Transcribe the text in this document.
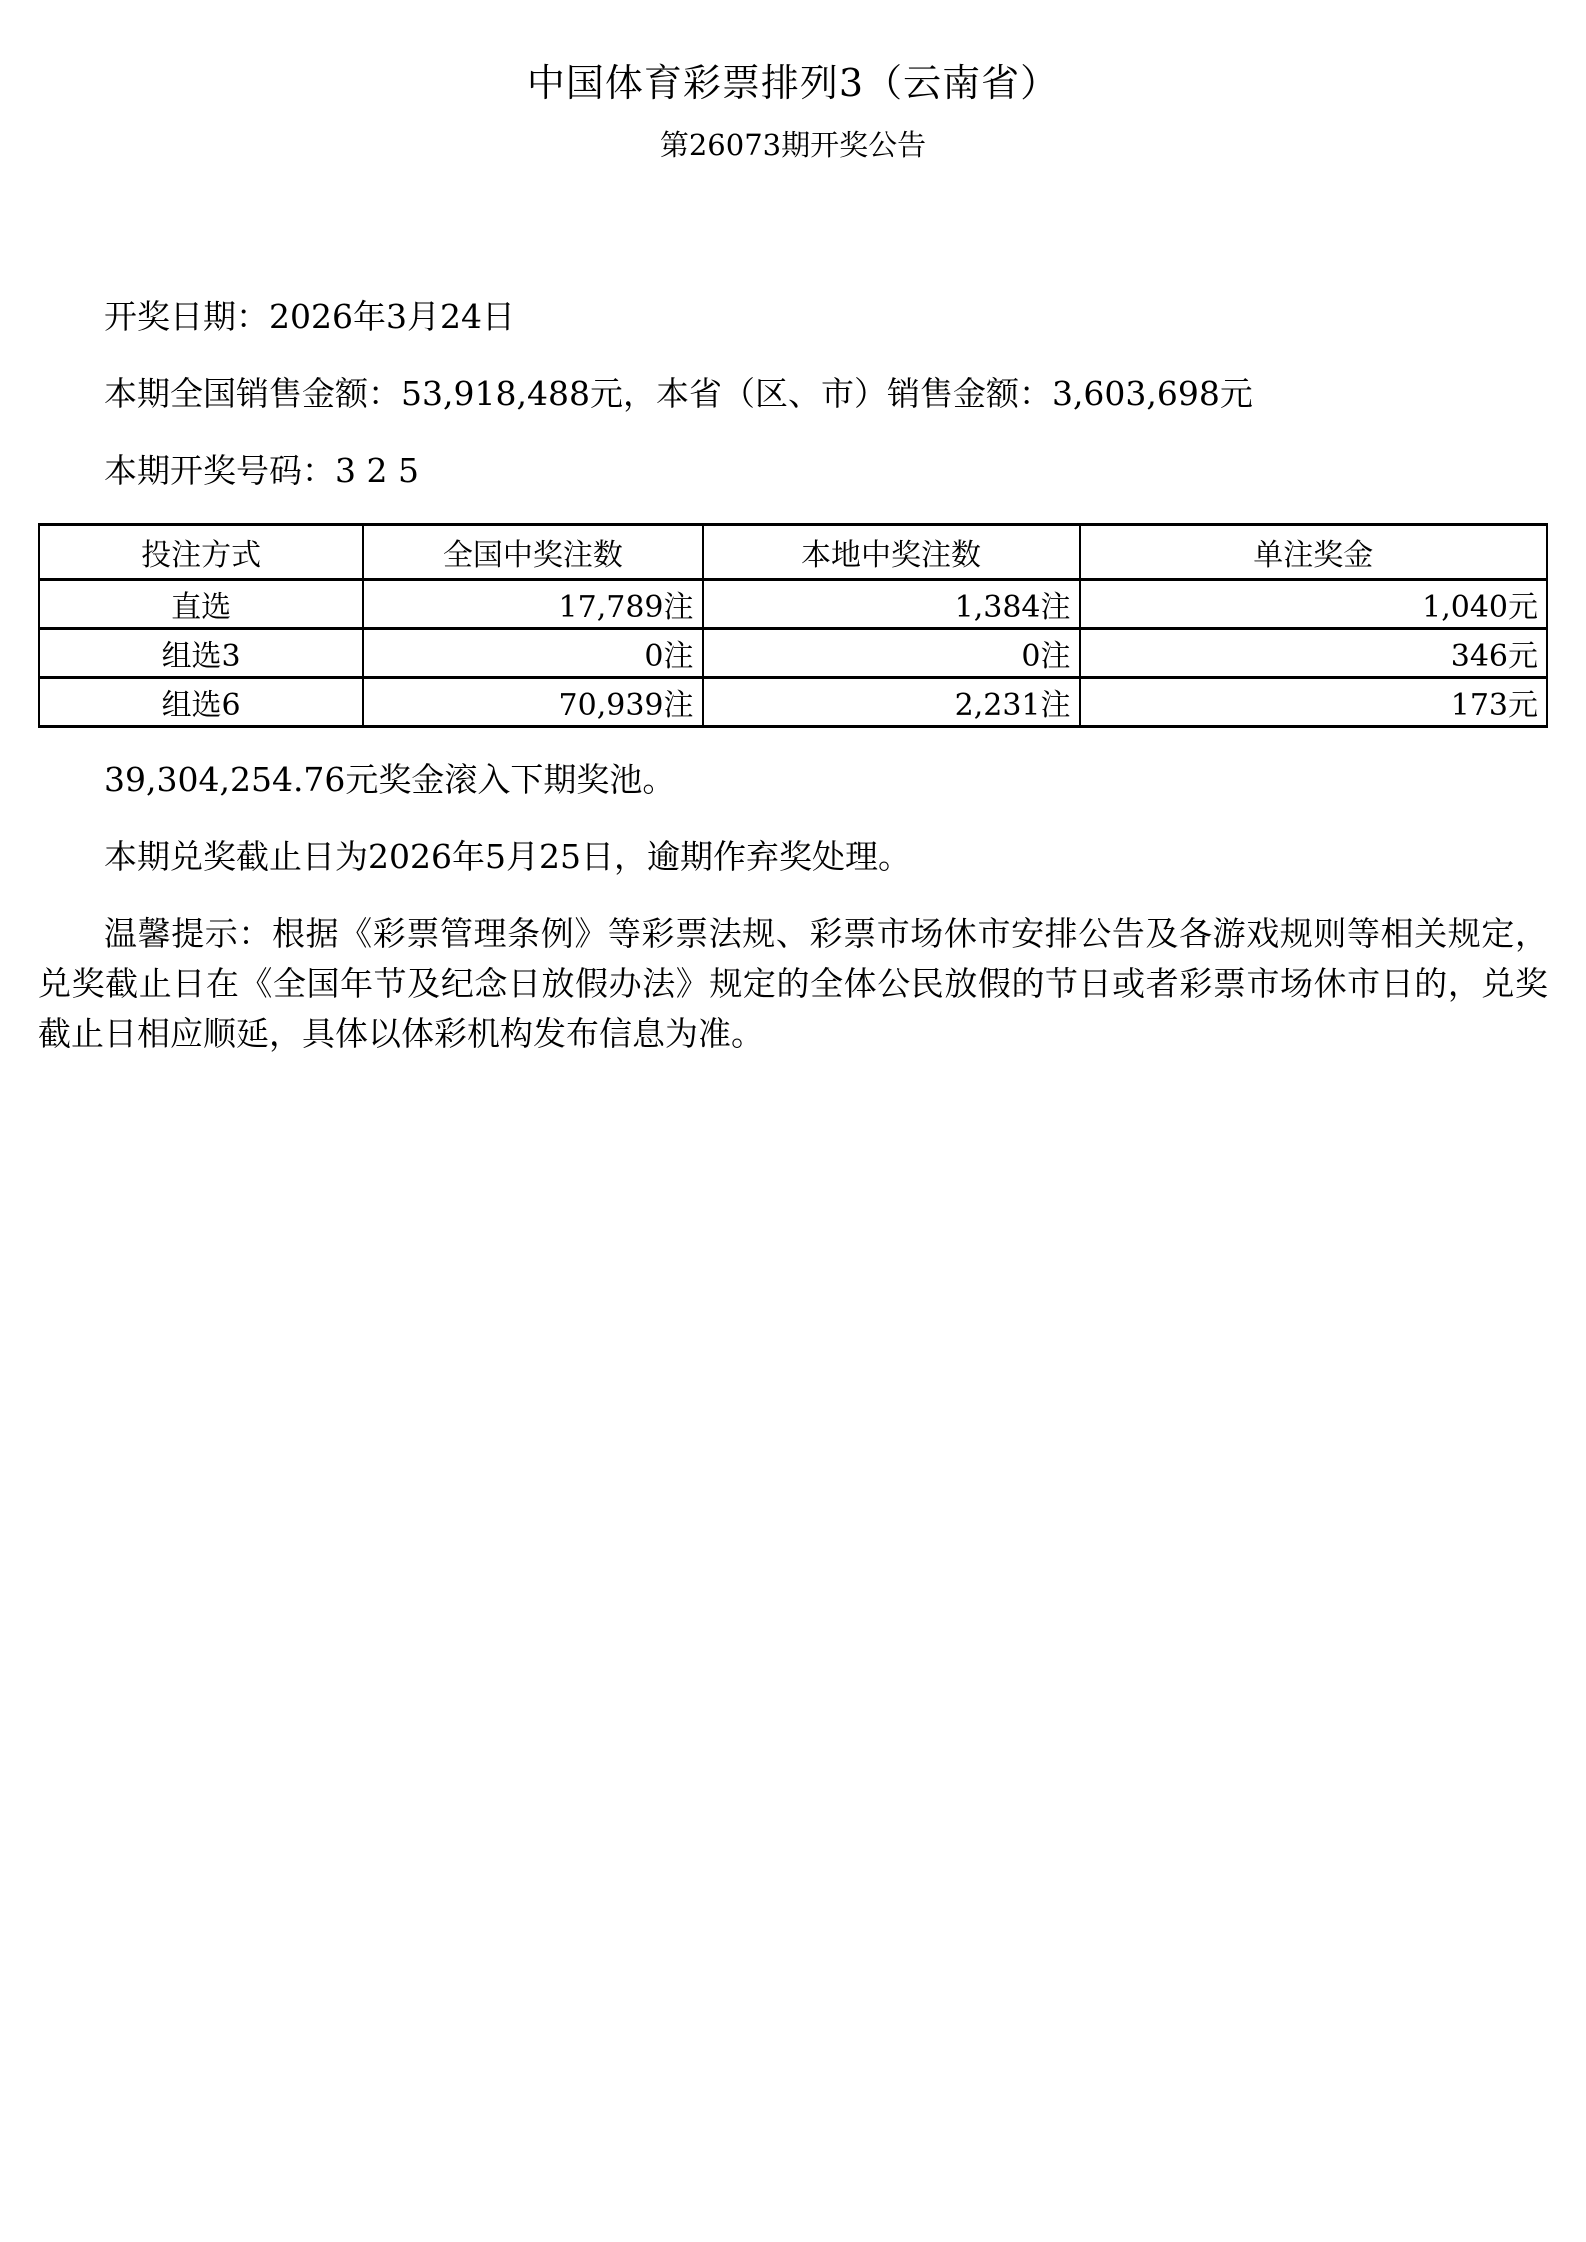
中国体育彩票排列3（云南省）
第26073期开奖公告

开奖日期：2026年3月24日

本期全国销售金额：53,918,488元，本省（区、市）销售金额：3,603,698元

本期开奖号码：3 2 5

投注方式	全国中奖注数	本地中奖注数	单注奖金
直选	17,789注	1,384注	1,040元
组选3	0注	0注	346元
组选6	70,939注	2,231注	173元

39,304,254.76元奖金滚入下期奖池。

本期兑奖截止日为2026年5月25日，逾期作弃奖处理。

温馨提示：根据《彩票管理条例》等彩票法规、彩票市场休市安排公告及各游戏规则等相关规定，兑奖截止日在《全国年节及纪念日放假办法》规定的全体公民放假的节日或者彩票市场休市日的，兑奖截止日相应顺延，具体以体彩机构发布信息为准。
